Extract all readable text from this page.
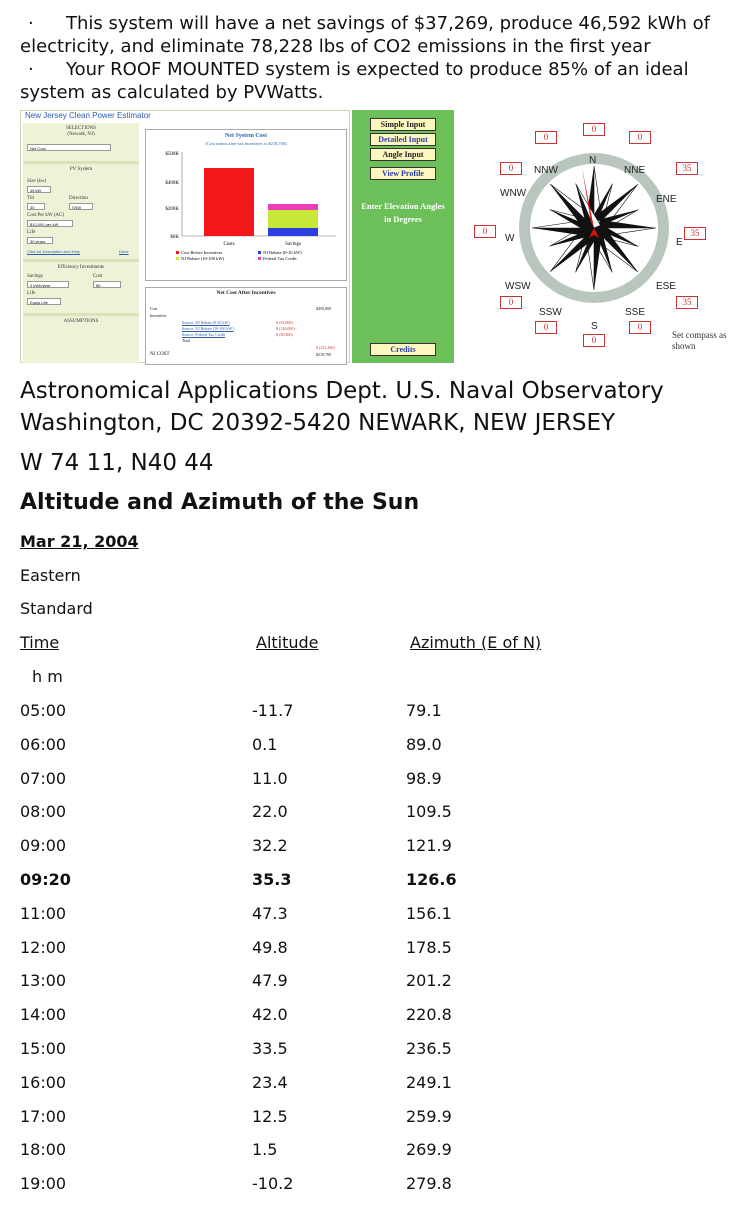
· This system will have a net savings of $37,269, produce 46,592 kWh of electricity, and eliminate 78,228 lbs of CO2 emissions in the first year
· Your ROOF MOUNTED system is expected to produce 85% of an ideal system as calculated by PVWatts.
New Jersey Clean Power Estimator
SELECTIONS
(Newark, NJ)
Net Cost
PV System
Size (kw)
45 kW
Tilt
30
Direction
SSW
Cost Per kW (AC)
$10,000 per kW
Life
30 years
Click for Description And Help	Done
Efficiency Investments
Savings
0 kWh/year
Cost
$0
Life
Equip Life
ASSUMPTIONS
Net System Cost
(Cost minus after-tax incentives is $218,700)
$500K
$400K
$200K
$0K
Costs	Savings
Cost Before Incentives
NJ Rebate (10-100 kW)
NJ Rebate (0-10 kW)
Federal Tax Credit
Net Cost After Incentives
Cost	$450,000
Incentives
Source: NJ Rebate (0-10 kW)	$ (55,000)
Source: NJ Rebate (10-100 kW)	$ (126,000)
Source: Federal Tax Credit	$ (50,300)
Total
$ (231,300)
NJ COST	$218,700
Simple Input
Detailed Input
Angle Input
View Profile
Enter Elevation Angles in Degrees
Credits
0
0
0
N
0	NNW	NNE	35
WNW
ENE
0
W	E
35
WSW	ESE
0	35
SSW	SSE
0	S	0
0	Set compass as shown
Astronomical Applications Dept. U.S. Naval Observatory Washington, DC 20392-5420 NEWARK, NEW JERSEY
W 74 11, N40 44
Altitude and Azimuth of the Sun
Mar 21, 2004
Eastern
Standard
Time	Altitude	Azimuth (E of N)
h m
05:00	-11.7	79.1
06:00	0.1	89.0
07:00	11.0	98.9
08:00	22.0	109.5
09:00	32.2	121.9
09:20	35.3	126.6
11:00	47.3	156.1
12:00	49.8	178.5
13:00	47.9	201.2
14:00	42.0	220.8
15:00	33.5	236.5
16:00	23.4	249.1
17:00	12.5	259.9
18:00	1.5	269.9
19:00	-10.2	279.8
